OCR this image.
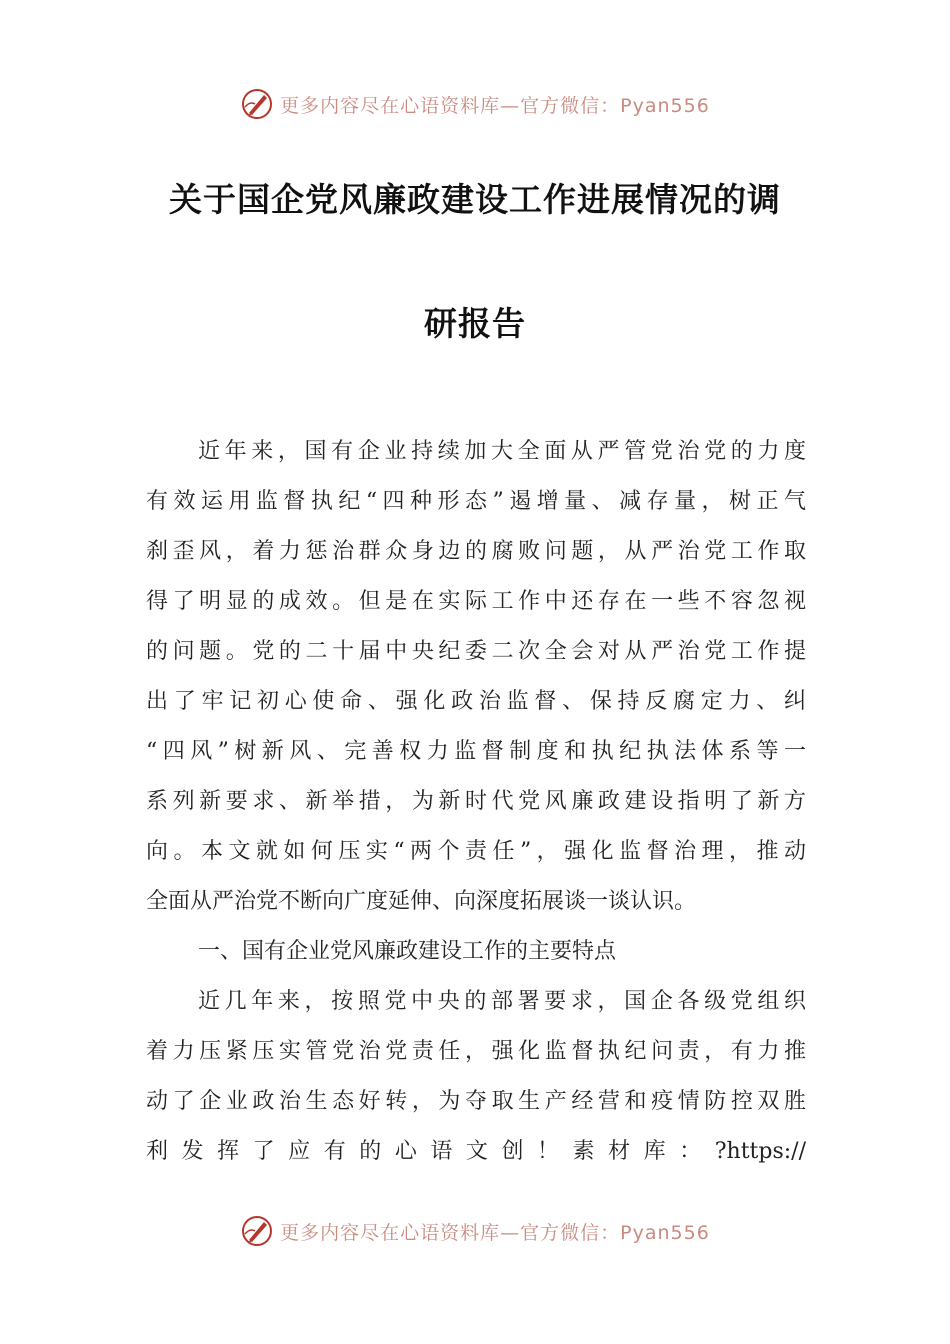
更多内容尽在心语资料库—官方微信：Pyan556
关于国企党风廉政建设工作进展情况的调
研报告
近年来，国有企业持续加大全面从严管党治党的力度
有效运用监督执纪“四种形态”遏增量、减存量，树正气
刹歪风，着力惩治群众身边的腐败问题，从严治党工作取
得了明显的成效。但是在实际工作中还存在一些不容忽视
的问题。党的二十届中央纪委二次全会对从严治党工作提
出了牢记初心使命、强化政治监督、保持反腐定力、纠
“四风”树新风、完善权力监督制度和执纪执法体系等一
系列新要求、新举措，为新时代党风廉政建设指明了新方
向。本文就如何压实“两个责任”，强化监督治理，推动
全面从严治党不断向广度延伸、向深度拓展谈一谈认识。
一、国有企业党风廉政建设工作的主要特点
近几年来，按照党中央的部署要求，国企各级党组织
着力压紧压实管党治党责任，强化监督执纪问责，有力推
动了企业政治生态好转，为夺取生产经营和疫情防控双胜
利发挥了应有的心语文创！素材库：?https://
更多内容尽在心语资料库—官方微信：Pyan556
